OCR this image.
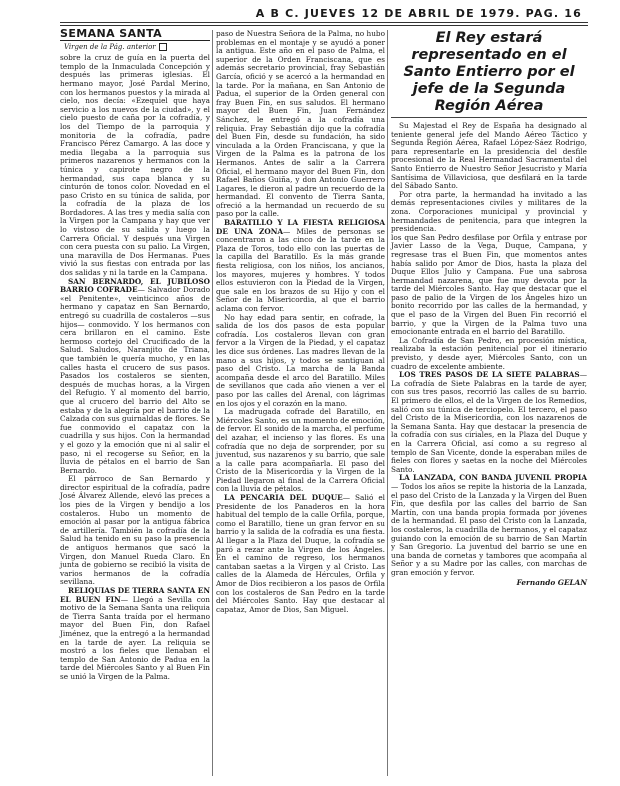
A B C. JUEVES 12 DE ABRIL DE 1979. PAG. 16
SEMANA SANTA
Virgen de la Pág. anterior

sobre la cruz de guía en la puerta del templo de la Inmaculada Concepción y después las primeras iglesias. El hermano mayor, José Pardal Merino, con los hermanos puestos y la mirada al cielo, nos decía: «Ezequiel que haya servicio a los nuevos de la ciudad», y el cielo puesto de caña por la cofradía, y los del Tiempo de la parroquia y monitoria de la cofradía, padre Francisco Pérez Camargo. A las doce y media llegaba a la parroquia sus primeros nazarenos y hermanos con la túnica y capirote negro de la hermandad, sus capa blanca y su cinturón de tonos color. Novedad en el paso Cristo en su túnica de salida, por la cofradía de la plaza de los Bordadores. A las tres y media salía con la Virgen por la Campana y hay que ver lo vistoso de su salida y luego la Carrera Oficial. Y después una Virgen con cera puesta con su palio. La Virgen, una maravilla de Dos Hermanas. Pues vivió la sus fiestas con entrada por las dos salidas y ni la tarde en la Campana.

SAN BERNARDO, EL JUBILOSO BARRIO COFRADE— Salvador Dorado «el Penitente», veinticinco años de hermano y capataz en San Bernardo, entregó su cuadrilla de costaleros —sus hijos— conmovido. Y los hermanos con cera brillaron en el camino. Este hermoso cortejo del Crucificado de la Salud. Saludos, Naranjito de Triana, que también le quería mucho, y en las calles hasta el crucero de sus pasos. Pasados los costaleros se sienten, después de muchas horas, a la Virgen del Refugio. Y al momento del barrio, que al crucero del barrio del Alto se estaba y de la alegría por el barrio de la Calzada con sus guirnaldas de flores. Se fue conmovido el capataz con la cuadrilla y sus hijos. Con la hermandad y el gozo y la emoción que ni al salir el paso, ni el recogerse su Señor, en la lluvia de pétalos en el barrio de San Bernardo.

El párroco de San Bernardo y director espiritual de la cofradía, padre José Álvarez Allende, elevó las preces a los pies de la Virgen y bendijo a los costaleros. Hubo un momento de emoción al pasar por la antigua fábrica de artillería. También la cofradía de la Salud ha tenido en su paso la presencia de antiguos hermanos que sacó la Virgen, don Manuel Rueda Claro. En junta de gobierno se recibió la visita de varios hermanos de la cofradía sevillana.

RELIQUIAS DE TIERRA SANTA EN EL BUEN FIN— Llegó a Sevilla con motivo de la Semana Santa una reliquia de Tierra Santa traída por el hermano mayor del Buen Fin, don Rafael Jiménez, que la entregó a la hermandad en la tarde de ayer. La reliquia se mostró a los fieles que llenaban el templo de San Antonio de Padua en la tarde del Miércoles Santo y al Buen Fin se unió la Virgen de la Palma.

paso de Nuestra Señora de la Palma, no hubo problemas en el montaje y se ayudó a poner la antigua. Este año en el paso de Palma, el superior de la Orden Franciscana, que es además secretario provincial, fray Sebastián García, ofició y se acercó a la hermandad en la tarde. Por la mañana, en San Antonio de Padua, el superior de la Orden general con fray Buen Fin, en sus saludos. El hermano mayor del Buen Fin, Juan Fernández Sánchez, le entregó a la cofradía una reliquia. Fray Sebastián dijo que la cofradía del Buen Fin, desde su fundación, ha sido vinculada a la Orden Franciscana, y que la Virgen de la Palma es la patrona de los Hermanos. Antes de salir a la Carrera Oficial, el hermano mayor del Buen Fin, don Rafael Baños Guiña, y don Antonio Guerrero Lagares, le dieron al padre un recuerdo de la hermandad. El convento de Tierra Santa, ofreció a la hermandad un recuerdo de su paso por la calle.

BARATILLO Y LA FIESTA RELIGIOSA DE UNA ZONA— Miles de personas se concentraron a las cinco de la tarde en la Plaza de Toros, todo ello con las puertas de la capilla del Baratillo. Es la más grande fiesta religiosa, con los niños, los ancianos, los mayores, mujeres y hombres. Y todos ellos estuvieron con la Piedad de la Virgen, que sale en los brazos de su Hijo y con el Señor de la Misericordia, al que el barrio aclama con fervor.

No hay edad para sentir, en cofrade, la salida de los dos pasos de esta popular cofradía. Los costaleros llevan con gran fervor a la Virgen de la Piedad, y el capataz les dice sus órdenes. Las madres llevan de la mano a sus hijos, y todos se santiguan al paso del Cristo. La marcha de la Banda acompaña desde el arco del Baratillo. Miles de sevillanos que cada año vienen a ver el paso por las calles del Arenal, con lágrimas en los ojos y el corazón en la mano.

La madrugada cofrade del Baratillo, en Miércoles Santo, es un momento de emoción, de fervor. El sonido de la marcha, el perfume del azahar, el incienso y las flores. Es una cofradía que no deja de sorprender, por su juventud, sus nazarenos y su barrio, que sale a la calle para acompañarla. El paso del Cristo de la Misericordia y la Virgen de la Piedad llegaron al final de la Carrera Oficial con la lluvia de pétalos.

LA PENCARIA DEL DUQUE— Salió el Presidente de los Panaderos en la hora habitual del templo de la calle Orfila, porque, como el Baratillo, tiene un gran fervor en su barrio y la salida de la cofradía es una fiesta. Al llegar a la Plaza del Duque, la cofradía se paró a rezar ante la Virgen de los Ángeles. En el camino de regreso, los hermanos cantaban saetas a la Virgen y al Cristo. Las calles de la Alameda de Hércules, Orfila y Amor de Dios recibieron a los pasos de Orfila con los costaleros de San Pedro en la tarde del Miércoles Santo. Hay que destacar al capataz, Amor de Dios, San Miguel.

El Rey estará representado en el Santo Entierro por el jefe de la Segunda Región Aérea

Su Majestad el Rey de España ha designado al teniente general jefe del Mando Aéreo Táctico y Segunda Región Aérea, Rafael López-Sáez Rodrigo, para representarle en la presidencia del desfile procesional de la Real Hermandad Sacramental del Santo Entierro de Nuestro Señor Jesucristo y María Santísima de Villaviciosa, que desfilará en la tarde del Sábado Santo.

Por otra parte, la hermandad ha invitado a las demás representaciones civiles y militares de la zona. Corporaciones municipal y provincial y hermandades de penitencia, para que integren la presidencia.

los que San Pedro desfilase por Orfila y entrase por Javier Lasso de la Vega, Duque, Campana, y regresase tras el Buen Fin, que momentos antes había salido por Amor de Dios, hasta la plaza del Duque Ellos Julio y Campana. Fue una sabrosa hermandad nazarena, que fue muy devota por la tarde del Miércoles Santo. Hay que destacar que el paso de palio de la Virgen de los Ángeles hizo un bonito recorrido por las calles de la hermandad, y que el paso de la Virgen del Buen Fin recorrió el barrio, y que la Virgen de la Palma tuvo una emocionante entrada en el barrio del Baratillo.

La Cofradía de San Pedro, en procesión mística, realizaba la estación penitencial por el itinerario previsto, y desde ayer, Miércoles Santo, con un cuadro de excelente ambiente.

LOS TRES PASOS DE LA SIETE PALABRAS— La cofradía de Siete Palabras en la tarde de ayer, con sus tres pasos, recorrió las calles de su barrio. El primero de ellos, el de la Virgen de los Remedios, salió con su túnica de terciopelo. El tercero, el paso del Cristo de la Misericordia, con los nazarenos de la Semana Santa. Hay que destacar la presencia de la cofradía con sus ciriales, en la Plaza del Duque y en la Carrera Oficial, así como a su regreso al templo de San Vicente, donde la esperaban miles de fieles con flores y saetas en la noche del Miércoles Santo.

LA LANZADA, CON BANDA JUVENIL PROPIA— Todos los años se repite la historia de la Lanzada, el paso del Cristo de la Lanzada y la Virgen del Buen Fin, que desfila por las calles del barrio de San Martín, con una banda propia formada por jóvenes de la hermandad. El paso del Cristo con la Lanzada, los costaleros, la cuadrilla de hermanos, y el capataz guiando con la emoción de su barrio de San Martín y San Gregorio. La juventud del barrio se une en una banda de cornetas y tambores que acompaña al Señor y a su Madre por las calles, con marchas de gran emoción y fervor.

Fernando GELAN
